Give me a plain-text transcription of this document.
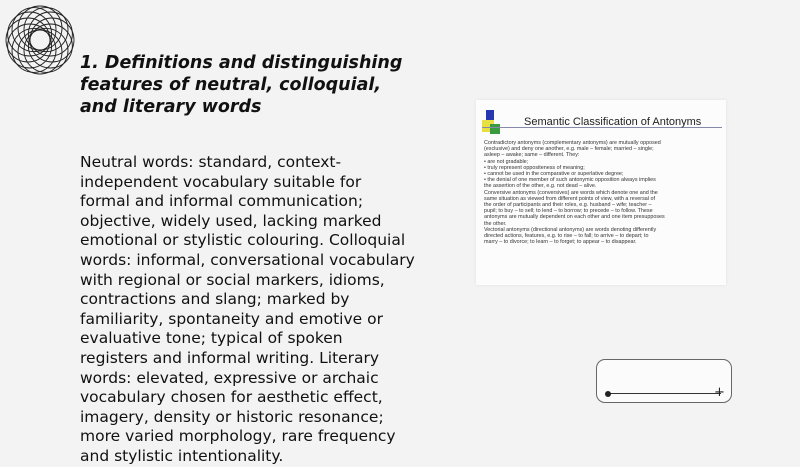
1. Definitions and distinguishing features of neutral, colloquial, and literary words

Neutral words: standard, context-independent vocabulary suitable for formal and informal communication; objective, widely used, lacking marked emotional or stylistic colouring. Colloquial words: informal, conversational vocabulary with regional or social markers, idioms, contractions and slang; marked by familiarity, spontaneity and emotive or evaluative tone; typical of spoken registers and informal writing. Literary words: elevated, expressive or archaic vocabulary chosen for aesthetic effect, imagery, density or historic resonance; more varied morphology, rare frequency and stylistic intentionality.

Semantic Classification of Antonyms
Contradictory antonyms (complementary antonyms) are mutually opposed
(exclusive) and deny one another, e.g. male – female; married – single;
asleep – awake; same – different. They:
• are not gradable;
• truly represent oppositeness of meaning;
• cannot be used in the comparative or superlative degree;
• the denial of one member of such antonymic opposition always implies
the assertion of the other, e.g. not dead – alive.
Conversive antonyms (conversives) are words which denote one and the
same situation as viewed from different points of view, with a reversal of
the order of participants and their roles, e.g. husband – wife; teacher –
pupil; to buy – to sell; to lend – to borrow; to precede – to follow. These
antonyms are mutually dependent on each other and one item presupposes
the other.
Vectorial antonyms (directional antonyms) are words denoting differently
directed actions, features, e.g. to rise – to fall; to arrive – to depart; to
marry – to divorce; to learn – to forget; to appear – to disappear.
+
